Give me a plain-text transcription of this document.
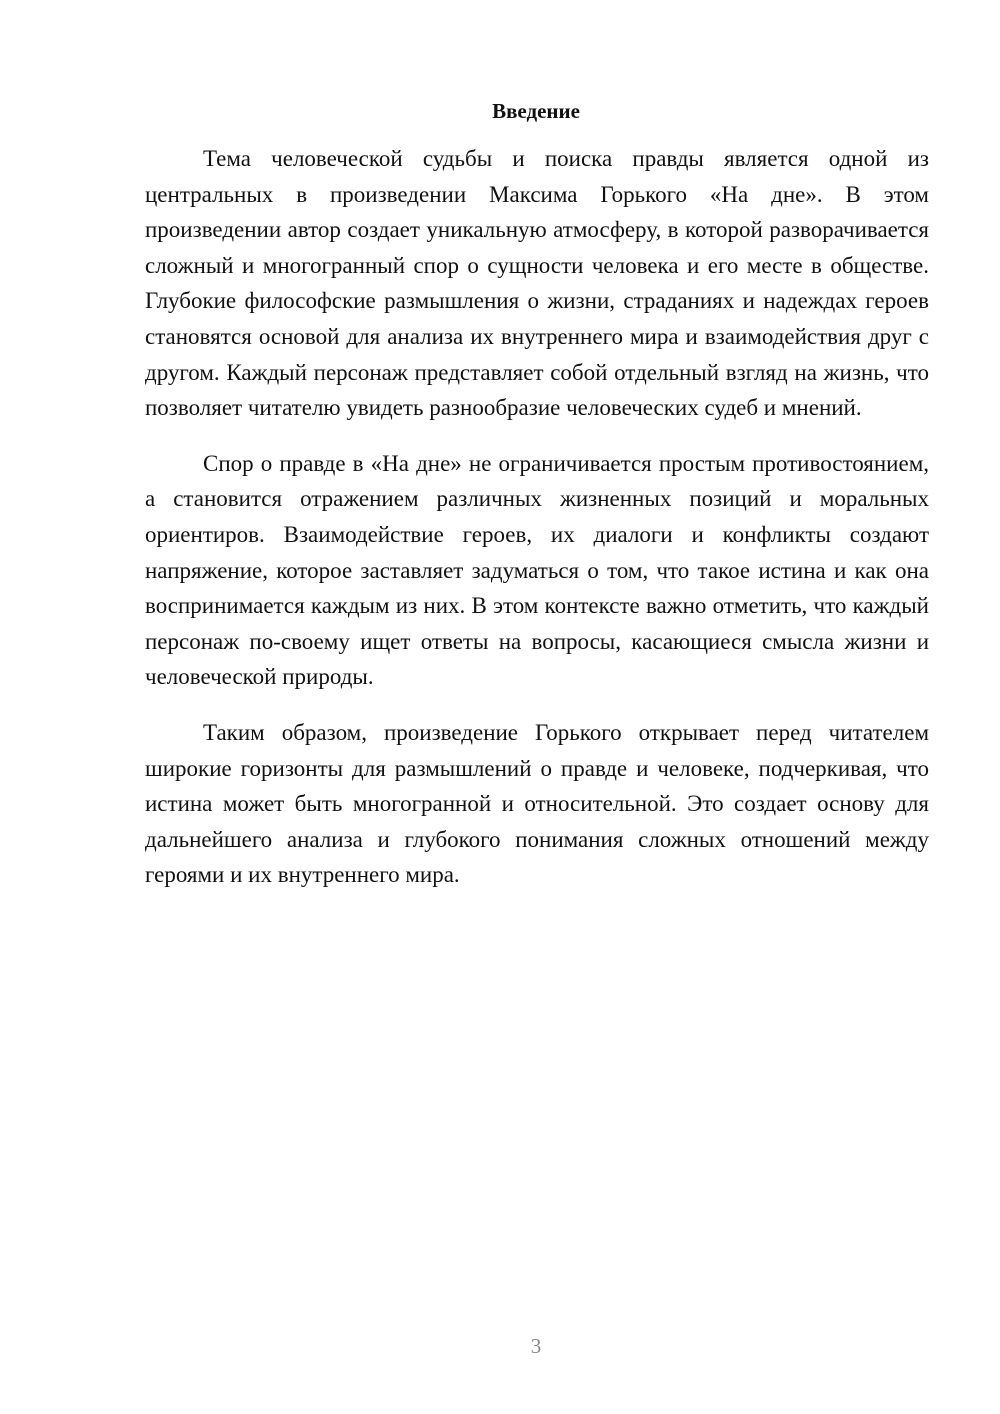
Введение

Тема человеческой судьбы и поиска правды является одной из центральных в произведении Максима Горького «На дне». В этом произведении автор создает уникальную атмосферу, в которой разворачивается сложный и многогранный спор о сущности человека и его месте в обществе. Глубокие философские размышления о жизни, страданиях и надеждах героев становятся основой для анализа их внутреннего мира и взаимодействия друг с другом. Каждый персонаж представляет собой отдельный взгляд на жизнь, что позволяет читателю увидеть разнообразие человеческих судеб и мнений.

Спор о правде в «На дне» не ограничивается простым противостоянием, а становится отражением различных жизненных позиций и моральных ориентиров. Взаимодействие героев, их диалоги и конфликты создают напряжение, которое заставляет задуматься о том, что такое истина и как она воспринимается каждым из них. В этом контексте важно отметить, что каждый персонаж по-своему ищет ответы на вопросы, касающиеся смысла жизни и человеческой природы.

Таким образом, произведение Горького открывает перед читателем широкие горизонты для размышлений о правде и человеке, подчеркивая, что истина может быть многогранной и относительной. Это создает основу для дальнейшего анализа и глубокого понимания сложных отношений между героями и их внутреннего мира.

3
